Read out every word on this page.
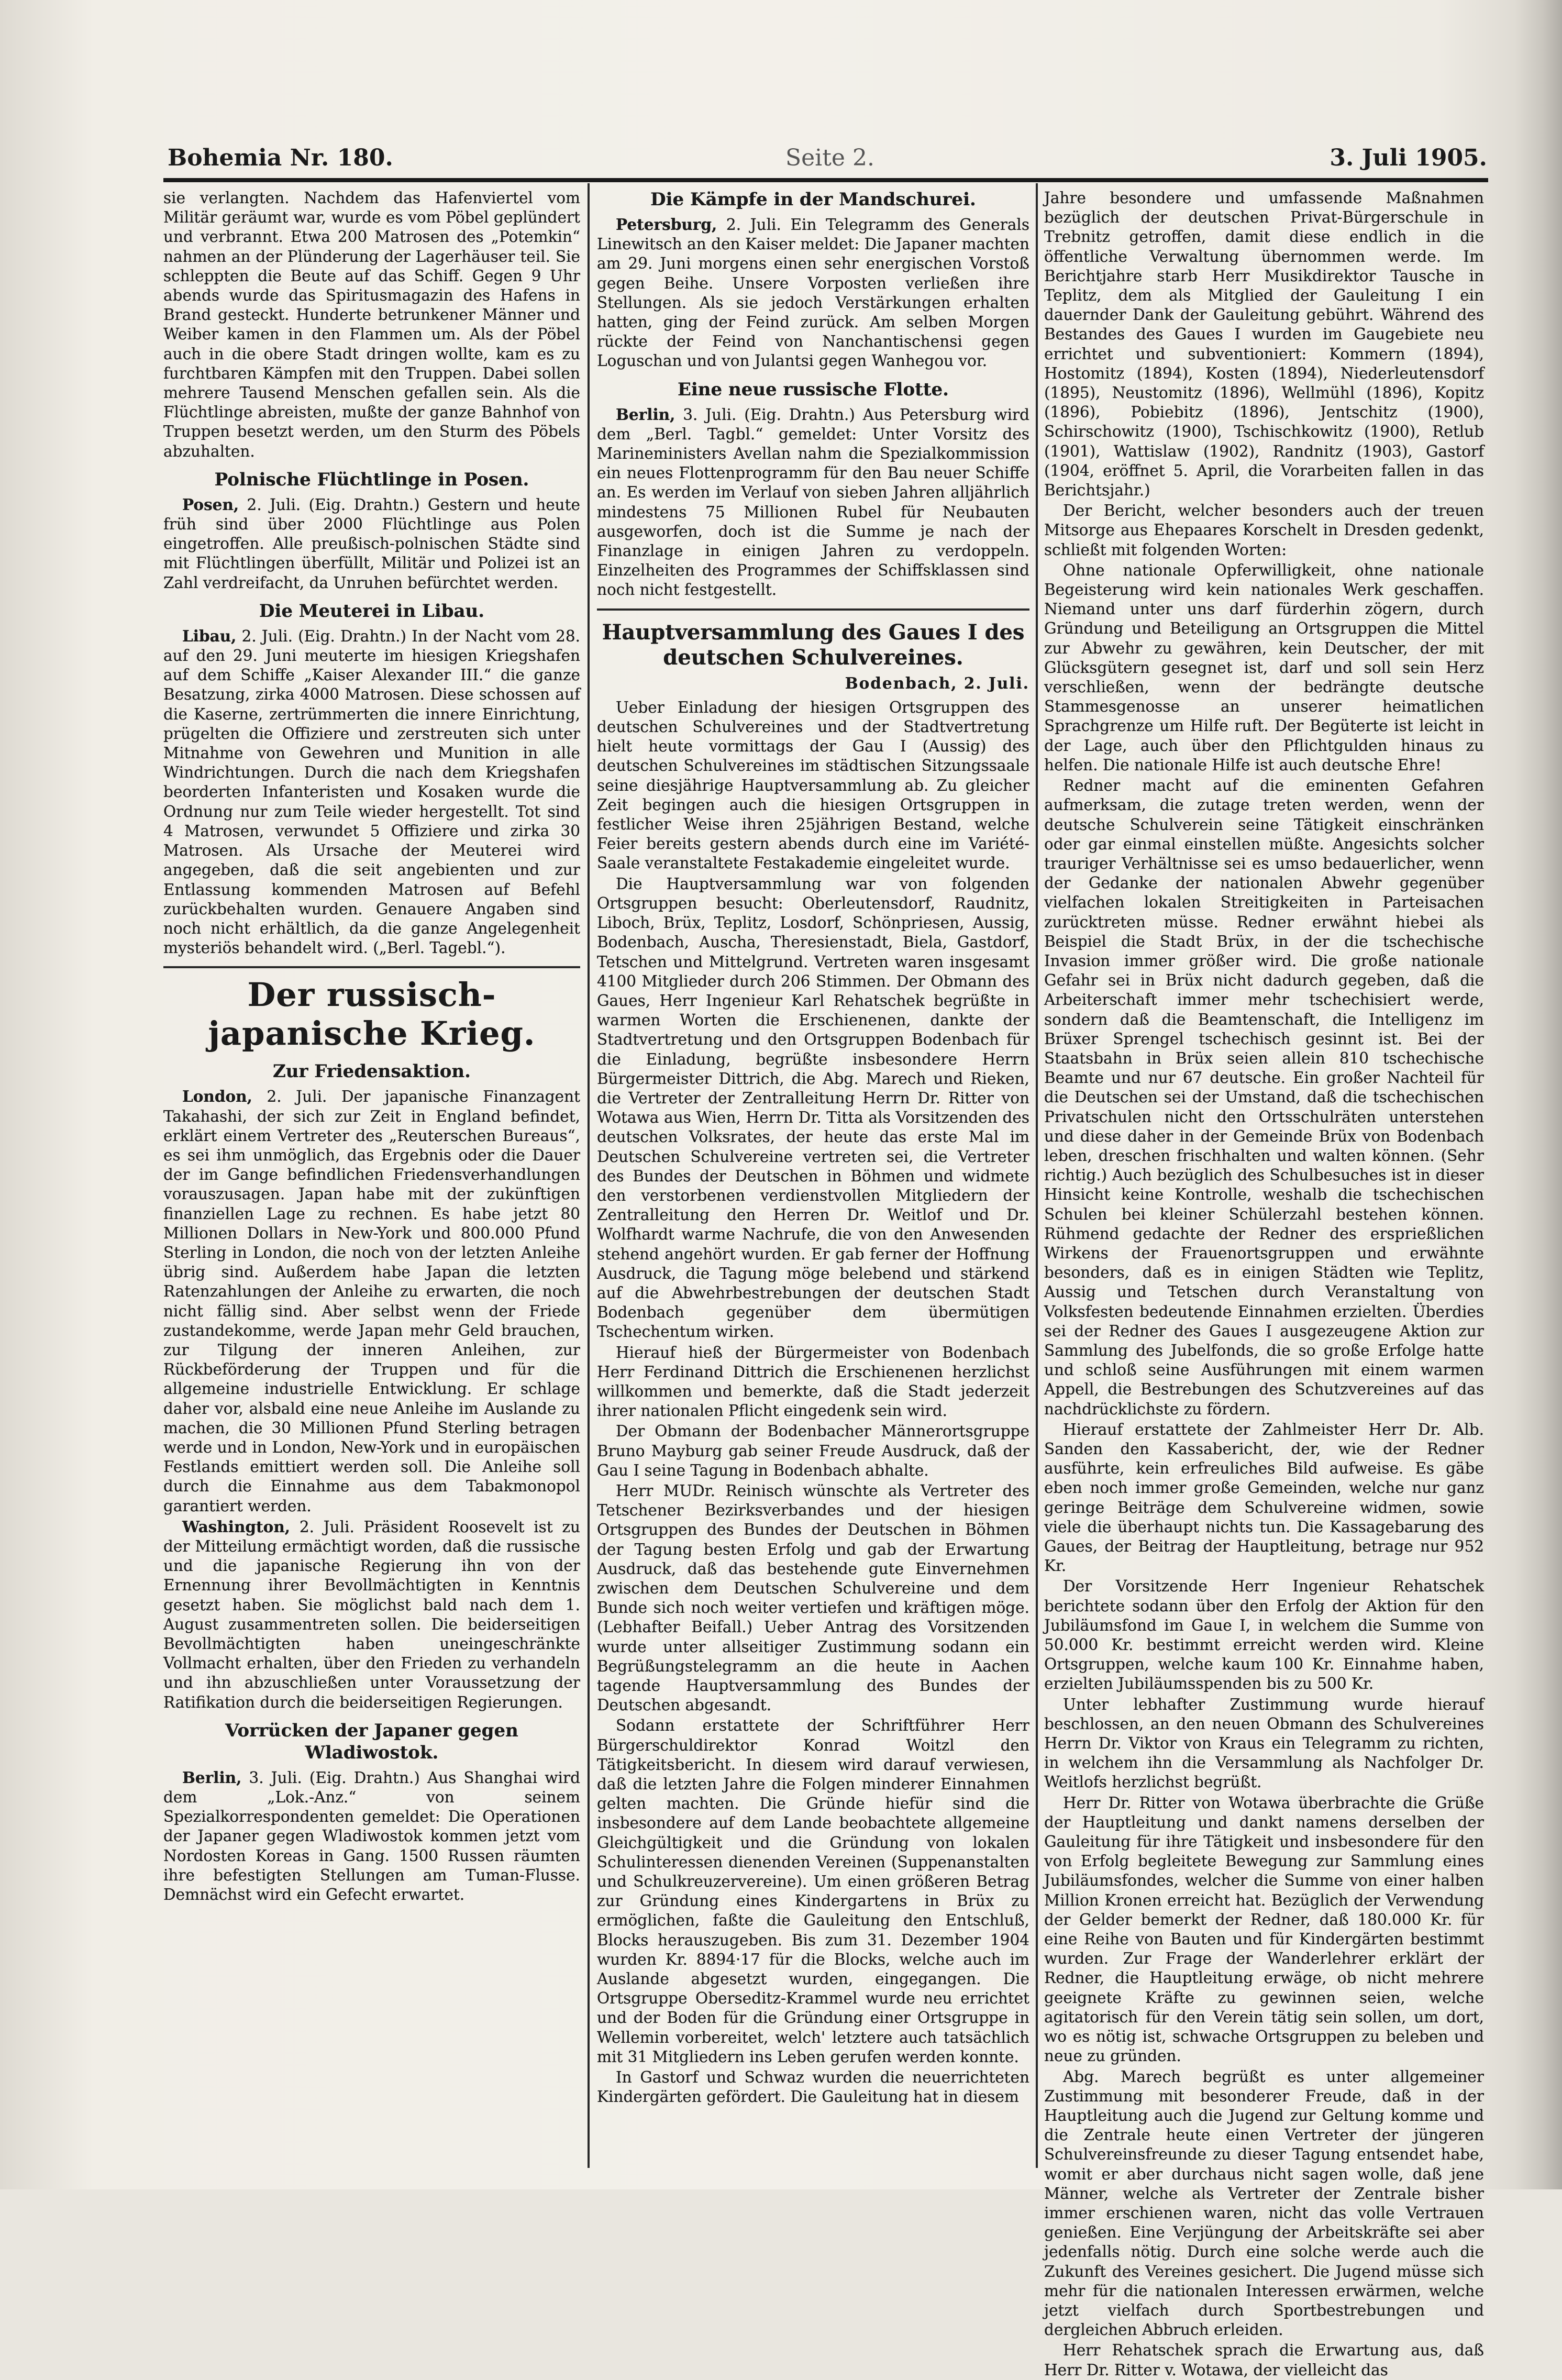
Bohemia Nr. 180.	Seite 2.	3. Juli 1905.

sie verlangten. Nachdem das Hafenviertel vom Militär geräumt war, wurde es vom Pöbel geplündert und verbrannt. Etwa 200 Matrosen des „Potemkin“ nahmen an der Plünderung der Lagerhäuser teil. Sie schleppten die Beute auf das Schiff. Gegen 9 Uhr abends wurde das Spiritusmagazin des Hafens in Brand gesteckt. Hunderte betrunkener Männer und Weiber kamen in den Flammen um. Als der Pöbel auch in die obere Stadt dringen wollte, kam es zu furchtbaren Kämpfen mit den Truppen. Dabei sollen mehrere Tausend Menschen gefallen sein. Als die Flüchtlinge abreisten, mußte der ganze Bahnhof von Truppen besetzt werden, um den Sturm des Pöbels abzuhalten.

Polnische Flüchtlinge in Posen.

Posen, 2. Juli. (Eig. Drahtn.) Gestern und heute früh sind über 2000 Flüchtlinge aus Polen eingetroffen. Alle preußisch-polnischen Städte sind mit Flüchtlingen überfüllt, Militär und Polizei ist an Zahl verdreifacht, da Unruhen befürchtet werden.

Die Meuterei in Libau.

Libau, 2. Juli. (Eig. Drahtn.) In der Nacht vom 28. auf den 29. Juni meuterte im hiesigen Kriegshafen auf dem Schiffe „Kaiser Alexander III.“ die ganze Besatzung, zirka 4000 Matrosen. Diese schossen auf die Kaserne, zertrümmerten die innere Einrichtung, prügelten die Offiziere und zerstreuten sich unter Mitnahme von Gewehren und Munition in alle Windrichtungen. Durch die nach dem Kriegshafen beorderten Infanteristen und Kosaken wurde die Ordnung nur zum Teile wieder hergestellt. Tot sind 4 Matrosen, verwundet 5 Offiziere und zirka 30 Matrosen. Als Ursache der Meuterei wird angegeben, daß die seit angebienten und zur Entlassung kommenden Matrosen auf Befehl zurückbehalten wurden. Genauere Angaben sind noch nicht erhältlich, da die ganze Angelegenheit mysteriös behandelt wird. („Berl. Tagebl.“).

Der russisch-japanische Krieg.
Zur Friedensaktion.

London, 2. Juli. Der japanische Finanzagent Takahashi, der sich zur Zeit in England befindet, erklärt einem Vertreter des „Reuterschen Bureaus“, es sei ihm unmöglich, das Ergebnis oder die Dauer der im Gange befindlichen Friedensverhandlungen vorauszusagen. Japan habe mit der zukünftigen finanziellen Lage zu rechnen. Es habe jetzt 80 Millionen Dollars in New-York und 800.000 Pfund Sterling in London, die noch von der letzten Anleihe übrig sind. Außerdem habe Japan die letzten Ratenzahlungen der Anleihe zu erwarten, die noch nicht fällig sind. Aber selbst wenn der Friede zustandekomme, werde Japan mehr Geld brauchen, zur Tilgung der inneren Anleihen, zur Rückbeförderung der Truppen und für die allgemeine industrielle Entwicklung. Er schlage daher vor, alsbald eine neue Anleihe im Auslande zu machen, die 30 Millionen Pfund Sterling betragen werde und in London, New-York und in europäischen Festlands emittiert werden soll. Die Anleihe soll durch die Einnahme aus dem Tabakmonopol garantiert werden.

Washington, 2. Juli. Präsident Roosevelt ist zu der Mitteilung ermächtigt worden, daß die russische und die japanische Regierung ihn von der Ernennung ihrer Bevollmächtigten in Kenntnis gesetzt haben. Sie möglichst bald nach dem 1. August zusammentreten sollen. Die beiderseitigen Bevollmächtigten haben uneingeschränkte Vollmacht erhalten, über den Frieden zu verhandeln und ihn abzuschließen unter Voraussetzung der Ratifikation durch die beiderseitigen Regierungen.

Vorrücken der Japaner gegen Wladiwostok.

Berlin, 3. Juli. (Eig. Drahtn.) Aus Shanghai wird dem „Lok.-Anz.“ von seinem Spezialkorrespondenten gemeldet: Die Operationen der Japaner gegen Wladiwostok kommen jetzt vom Nordosten Koreas in Gang. 1500 Russen räumten ihre befestigten Stellungen am Tuman-Flusse. Demnächst wird ein Gefecht erwartet.

Die Kämpfe in der Mandschurei.

Petersburg, 2. Juli. Ein Telegramm des Generals Linewitsch an den Kaiser meldet: Die Japaner machten am 29. Juni morgens einen sehr energischen Vorstoß gegen Beihe. Unsere Vorposten verließen ihre Stellungen. Als sie jedoch Verstärkungen erhalten hatten, ging der Feind zurück. Am selben Morgen rückte der Feind von Nanchantischensi gegen Loguschan und von Julantsi gegen Wanhegou vor.

Eine neue russische Flotte.

Berlin, 3. Juli. (Eig. Drahtn.) Aus Petersburg wird dem „Berl. Tagbl.“ gemeldet: Unter Vorsitz des Marineministers Avellan nahm die Spezialkommission ein neues Flottenprogramm für den Bau neuer Schiffe an. Es werden im Verlauf von sieben Jahren alljährlich mindestens 75 Millionen Rubel für Neubauten ausgeworfen, doch ist die Summe je nach der Finanzlage in einigen Jahren zu verdoppeln. Einzelheiten des Programmes der Schiffsklassen sind noch nicht festgestellt.

Hauptversammlung des Gaues I des deutschen Schulvereines.
Bodenbach, 2. Juli.

Ueber Einladung der hiesigen Ortsgruppen des deutschen Schulvereines und der Stadtvertretung hielt heute vormittags der Gau I (Aussig) des deutschen Schulvereines im städtischen Sitzungssaale seine diesjährige Hauptversammlung ab. Zu gleicher Zeit begingen auch die hiesigen Ortsgruppen in festlicher Weise ihren 25jährigen Bestand, welche Feier bereits gestern abends durch eine im Variété-Saale veranstaltete Festakademie eingeleitet wurde.

Die Hauptversammlung war von folgenden Ortsgruppen besucht: Oberleutensdorf, Raudnitz, Liboch, Brüx, Teplitz, Losdorf, Schönpriesen, Aussig, Bodenbach, Auscha, Theresienstadt, Biela, Gastdorf, Tetschen und Mittelgrund. Vertreten waren insgesamt 4100 Mitglieder durch 206 Stimmen. Der Obmann des Gaues, Herr Ingenieur Karl Rehatschek begrüßte in warmen Worten die Erschienenen, dankte der Stadtvertretung und den Ortsgruppen Bodenbach für die Einladung, begrüßte insbesondere Herrn Bürgermeister Dittrich, die Abg. Marech und Rieken, die Vertreter der Zentralleitung Herrn Dr. Ritter von Wotawa aus Wien, Herrn Dr. Titta als Vorsitzenden des deutschen Volksrates, der heute das erste Mal im Deutschen Schulvereine vertreten sei, die Vertreter des Bundes der Deutschen in Böhmen und widmete den verstorbenen verdienstvollen Mitgliedern der Zentralleitung den Herren Dr. Weitlof und Dr. Wolfhardt warme Nachrufe, die von den Anwesenden stehend angehört wurden. Er gab ferner der Hoffnung Ausdruck, die Tagung möge belebend und stärkend auf die Abwehrbestrebungen der deutschen Stadt Bodenbach gegenüber dem übermütigen Tschechentum wirken.

Hierauf hieß der Bürgermeister von Bodenbach Herr Ferdinand Dittrich die Erschienenen herzlichst willkommen und bemerkte, daß die Stadt jederzeit ihrer nationalen Pflicht eingedenk sein wird.

Der Obmann der Bodenbacher Männerortsgruppe Bruno Mayburg gab seiner Freude Ausdruck, daß der Gau I seine Tagung in Bodenbach abhalte.

Herr MUDr. Reinisch wünschte als Vertreter des Tetschener Bezirksverbandes und der hiesigen Ortsgruppen des Bundes der Deutschen in Böhmen der Tagung besten Erfolg und gab der Erwartung Ausdruck, daß das bestehende gute Einvernehmen zwischen dem Deutschen Schulvereine und dem Bunde sich noch weiter vertiefen und kräftigen möge. (Lebhafter Beifall.) Ueber Antrag des Vorsitzenden wurde unter allseitiger Zustimmung sodann ein Begrüßungstelegramm an die heute in Aachen tagende Hauptversammlung des Bundes der Deutschen abgesandt.

Sodann erstattete der Schriftführer Herr Bürgerschuldirektor Konrad Woitzl den Tätigkeitsbericht. In diesem wird darauf verwiesen, daß die letzten Jahre die Folgen minderer Einnahmen gelten machten. Die Gründe hiefür sind die insbesondere auf dem Lande beobachtete allgemeine Gleichgültigkeit und die Gründung von lokalen Schulinteressen dienenden Vereinen (Suppenanstalten und Schulkreuzervereine). Um einen größeren Betrag zur Gründung eines Kindergartens in Brüx zu ermöglichen, faßte die Gauleitung den Entschluß, Blocks herauszugeben. Bis zum 31. Dezember 1904 wurden Kr. 8894·17 für die Blocks, welche auch im Auslande abgesetzt wurden, eingegangen. Die Ortsgruppe Oberseditz-Krammel wurde neu errichtet und der Boden für die Gründung einer Ortsgruppe in Wellemin vorbereitet, welch' letztere auch tatsächlich mit 31 Mitgliedern ins Leben gerufen werden konnte.

In Gastorf und Schwaz wurden die neuerrichteten Kindergärten gefördert. Die Gauleitung hat in diesem

Jahre besondere und umfassende Maßnahmen bezüglich der deutschen Privat-Bürgerschule in Trebnitz getroffen, damit diese endlich in die öffentliche Verwaltung übernommen werde. Im Berichtjahre starb Herr Musikdirektor Tausche in Teplitz, dem als Mitglied der Gauleitung I ein dauernder Dank der Gauleitung gebührt. Während des Bestandes des Gaues I wurden im Gaugebiete neu errichtet und subventioniert: Kommern (1894), Hostomitz (1894), Kosten (1894), Niederleutensdorf (1895), Neustomitz (1896), Wellmühl (1896), Kopitz (1896), Pobiebitz (1896), Jentschitz (1900), Schirschowitz (1900), Tschischkowitz (1900), Retlub (1901), Wattislaw (1902), Randnitz (1903), Gastorf (1904, eröffnet 5. April, die Vorarbeiten fallen in das Berichtsjahr.)

Der Bericht, welcher besonders auch der treuen Mitsorge aus Ehepaares Korschelt in Dresden gedenkt, schließt mit folgenden Worten:

Ohne nationale Opferwilligkeit, ohne nationale Begeisterung wird kein nationales Werk geschaffen. Niemand unter uns darf fürderhin zögern, durch Gründung und Beteiligung an Ortsgruppen die Mittel zur Abwehr zu gewähren, kein Deutscher, der mit Glücksgütern gesegnet ist, darf und soll sein Herz verschließen, wenn der bedrängte deutsche Stammesgenosse an unserer heimatlichen Sprachgrenze um Hilfe ruft. Der Begüterte ist leicht in der Lage, auch über den Pflichtgulden hinaus zu helfen. Die nationale Hilfe ist auch deutsche Ehre!

Redner macht auf die eminenten Gefahren aufmerksam, die zutage treten werden, wenn der deutsche Schulverein seine Tätigkeit einschränken oder gar einmal einstellen müßte. Angesichts solcher trauriger Verhältnisse sei es umso bedauerlicher, wenn der Gedanke der nationalen Abwehr gegenüber vielfachen lokalen Streitigkeiten in Parteisachen zurücktreten müsse. Redner erwähnt hiebei als Beispiel die Stadt Brüx, in der die tschechische Invasion immer größer wird. Die große nationale Gefahr sei in Brüx nicht dadurch gegeben, daß die Arbeiterschaft immer mehr tschechisiert werde, sondern daß die Beamtenschaft, die Intelligenz im Brüxer Sprengel tschechisch gesinnt ist. Bei der Staatsbahn in Brüx seien allein 810 tschechische Beamte und nur 67 deutsche. Ein großer Nachteil für die Deutschen sei der Umstand, daß die tschechischen Privatschulen nicht den Ortsschulräten unterstehen und diese daher in der Gemeinde Brüx von Bodenbach leben, dreschen frischhalten und walten können. (Sehr richtig.) Auch bezüglich des Schulbesuches ist in dieser Hinsicht keine Kontrolle, weshalb die tschechischen Schulen bei kleiner Schülerzahl bestehen können. Rühmend gedachte der Redner des ersprießlichen Wirkens der Frauenortsgruppen und erwähnte besonders, daß es in einigen Städten wie Teplitz, Aussig und Tetschen durch Veranstaltung von Volksfesten bedeutende Einnahmen erzielten. Überdies sei der Redner des Gaues I ausgezeugene Aktion zur Sammlung des Jubelfonds, die so große Erfolge hatte und schloß seine Ausführungen mit einem warmen Appell, die Bestrebungen des Schutzvereines auf das nachdrücklichste zu fördern.

Hierauf erstattete der Zahlmeister Herr Dr. Alb. Sanden den Kassabericht, der, wie der Redner ausführte, kein erfreuliches Bild aufweise. Es gäbe eben noch immer große Gemeinden, welche nur ganz geringe Beiträge dem Schulvereine widmen, sowie viele die überhaupt nichts tun. Die Kassagebarung des Gaues, der Beitrag der Hauptleitung, betrage nur 952 Kr.

Der Vorsitzende Herr Ingenieur Rehatschek berichtete sodann über den Erfolg der Aktion für den Jubiläumsfond im Gaue I, in welchem die Summe von 50.000 Kr. bestimmt erreicht werden wird. Kleine Ortsgruppen, welche kaum 100 Kr. Einnahme haben, erzielten Jubiläumsspenden bis zu 500 Kr.

Unter lebhafter Zustimmung wurde hierauf beschlossen, an den neuen Obmann des Schulvereines Herrn Dr. Viktor von Kraus ein Telegramm zu richten, in welchem ihn die Versammlung als Nachfolger Dr. Weitlofs herzlichst begrüßt.

Herr Dr. Ritter von Wotawa überbrachte die Grüße der Hauptleitung und dankt namens derselben der Gauleitung für ihre Tätigkeit und insbesondere für den von Erfolg begleitete Bewegung zur Sammlung eines Jubiläumsfondes, welcher die Summe von einer halben Million Kronen erreicht hat. Bezüglich der Verwendung der Gelder bemerkt der Redner, daß 180.000 Kr. für eine Reihe von Bauten und für Kindergärten bestimmt wurden. Zur Frage der Wanderlehrer erklärt der Redner, die Hauptleitung erwäge, ob nicht mehrere geeignete Kräfte zu gewinnen seien, welche agitatorisch für den Verein tätig sein sollen, um dort, wo es nötig ist, schwache Ortsgruppen zu beleben und neue zu gründen.

Abg. Marech begrüßt es unter allgemeiner Zustimmung mit besonderer Freude, daß in der Hauptleitung auch die Jugend zur Geltung komme und die Zentrale heute einen Vertreter der jüngeren Schulvereinsfreunde zu dieser Tagung entsendet habe, womit er aber durchaus nicht sagen wolle, daß jene Männer, welche als Vertreter der Zentrale bisher immer erschienen waren, nicht das volle Vertrauen genießen. Eine Verjüngung der Arbeitskräfte sei aber jedenfalls nötig. Durch eine solche werde auch die Zukunft des Vereines gesichert. Die Jugend müsse sich mehr für die nationalen Interessen erwärmen, welche jetzt vielfach durch Sportbestrebungen und dergleichen Abbruch erleiden.

Herr Rehatschek sprach die Erwartung aus, daß Herr Dr. Ritter v. Wotawa, der vielleicht das
